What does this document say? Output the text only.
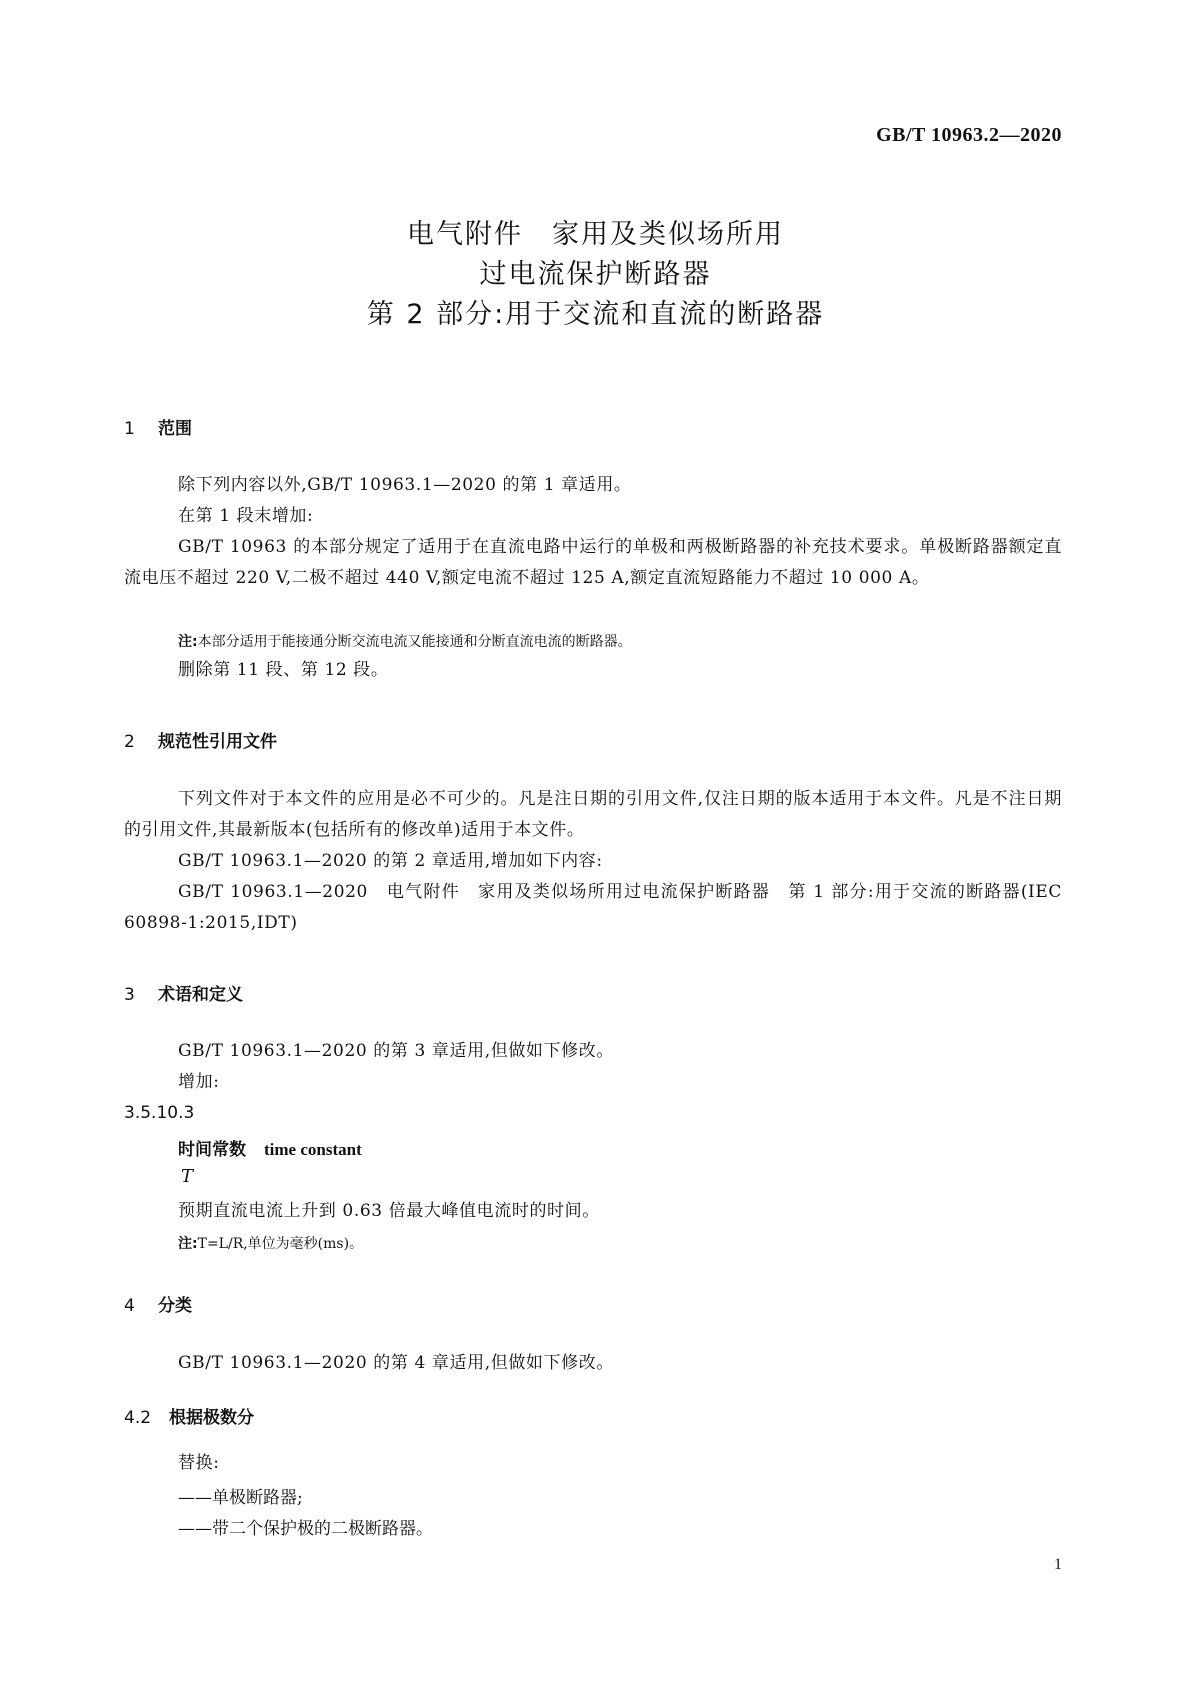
GB/T 10963.2—2020
电气附件　家用及类似场所用
过电流保护断路器
第 2 部分:用于交流和直流的断路器
1 范围
除下列内容以外,GB/T 10963.1—2020 的第 1 章适用。
在第 1 段末增加:
GB/T 10963 的本部分规定了适用于在直流电路中运行的单极和两极断路器的补充技术要求。单极断路器额定直流电压不超过 220 V,二极不超过 440 V,额定电流不超过 125 A,额定直流短路能力不超过 10 000 A。
注:本部分适用于能接通分断交流电流又能接通和分断直流电流的断路器。
删除第 11 段、第 12 段。
2 规范性引用文件
下列文件对于本文件的应用是必不可少的。凡是注日期的引用文件,仅注日期的版本适用于本文件。凡是不注日期的引用文件,其最新版本(包括所有的修改单)适用于本文件。
GB/T 10963.1—2020 的第 2 章适用,增加如下内容:
GB/T 10963.1—2020　电气附件　家用及类似场所用过电流保护断路器　第 1 部分:用于交流的断路器(IEC 60898-1:2015,IDT)
3 术语和定义
GB/T 10963.1—2020 的第 3 章适用,但做如下修改。
增加:
3.5.10.3
时间常数 time constant
T
预期直流电流上升到 0.63 倍最大峰值电流时的时间。
注:T=L/R,单位为毫秒(ms)。
4 分类
GB/T 10963.1—2020 的第 4 章适用,但做如下修改。
4.2 根据极数分
替换:
——单极断路器;
——带二个保护极的二极断路器。
1
